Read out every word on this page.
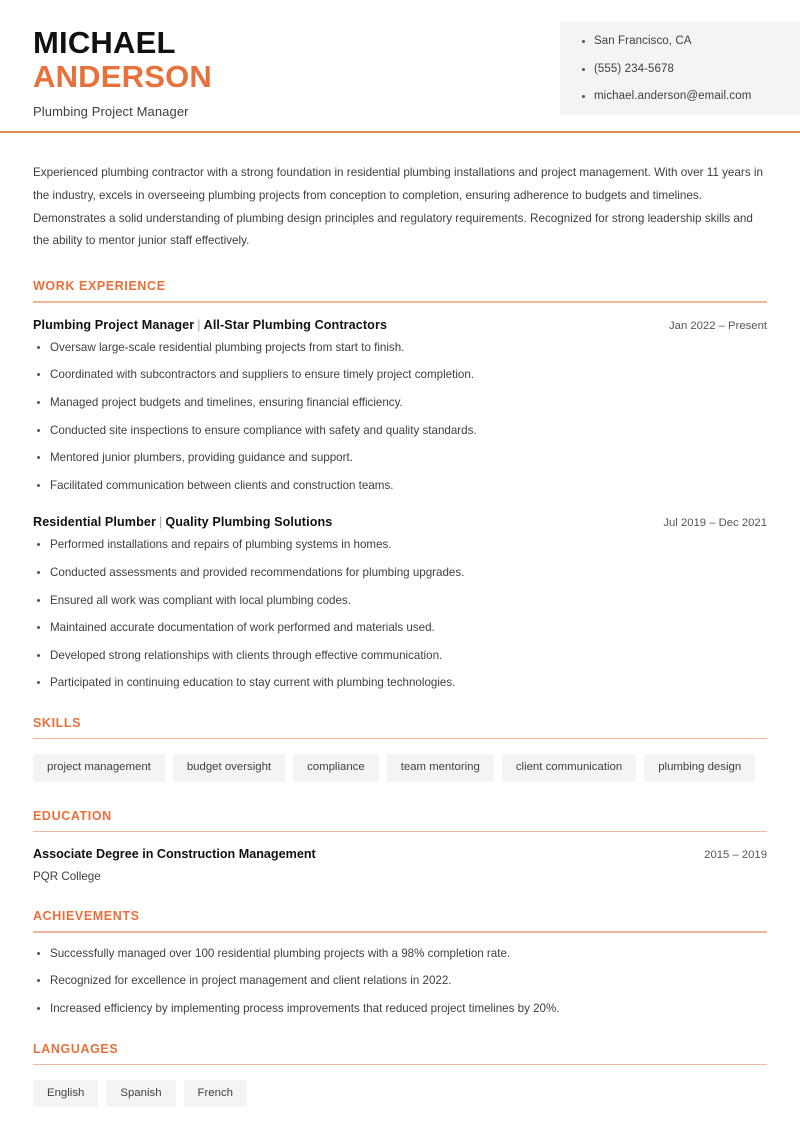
MICHAEL
ANDERSON
Plumbing Project Manager
San Francisco, CA
(555) 234-5678
michael.anderson@email.com

Experienced plumbing contractor with a strong foundation in residential plumbing installations and project management. With over 11 years in the industry, excels in overseeing plumbing projects from conception to completion, ensuring adherence to budgets and timelines. Demonstrates a solid understanding of plumbing design principles and regulatory requirements. Recognized for strong leadership skills and the ability to mentor junior staff effectively.

WORK EXPERIENCE
Plumbing Project Manager | All-Star Plumbing Contractors	Jan 2022 – Present
Oversaw large-scale residential plumbing projects from start to finish.
Coordinated with subcontractors and suppliers to ensure timely project completion.
Managed project budgets and timelines, ensuring financial efficiency.
Conducted site inspections to ensure compliance with safety and quality standards.
Mentored junior plumbers, providing guidance and support.
Facilitated communication between clients and construction teams.
Residential Plumber | Quality Plumbing Solutions	Jul 2019 – Dec 2021
Performed installations and repairs of plumbing systems in homes.
Conducted assessments and provided recommendations for plumbing upgrades.
Ensured all work was compliant with local plumbing codes.
Maintained accurate documentation of work performed and materials used.
Developed strong relationships with clients through effective communication.
Participated in continuing education to stay current with plumbing technologies.
SKILLS
project management	budget oversight	compliance	team mentoring	client communication	plumbing design
EDUCATION
Associate Degree in Construction Management	2015 – 2019
PQR College
ACHIEVEMENTS
Successfully managed over 100 residential plumbing projects with a 98% completion rate.
Recognized for excellence in project management and client relations in 2022.
Increased efficiency by implementing process improvements that reduced project timelines by 20%.
LANGUAGES
English	Spanish	French
